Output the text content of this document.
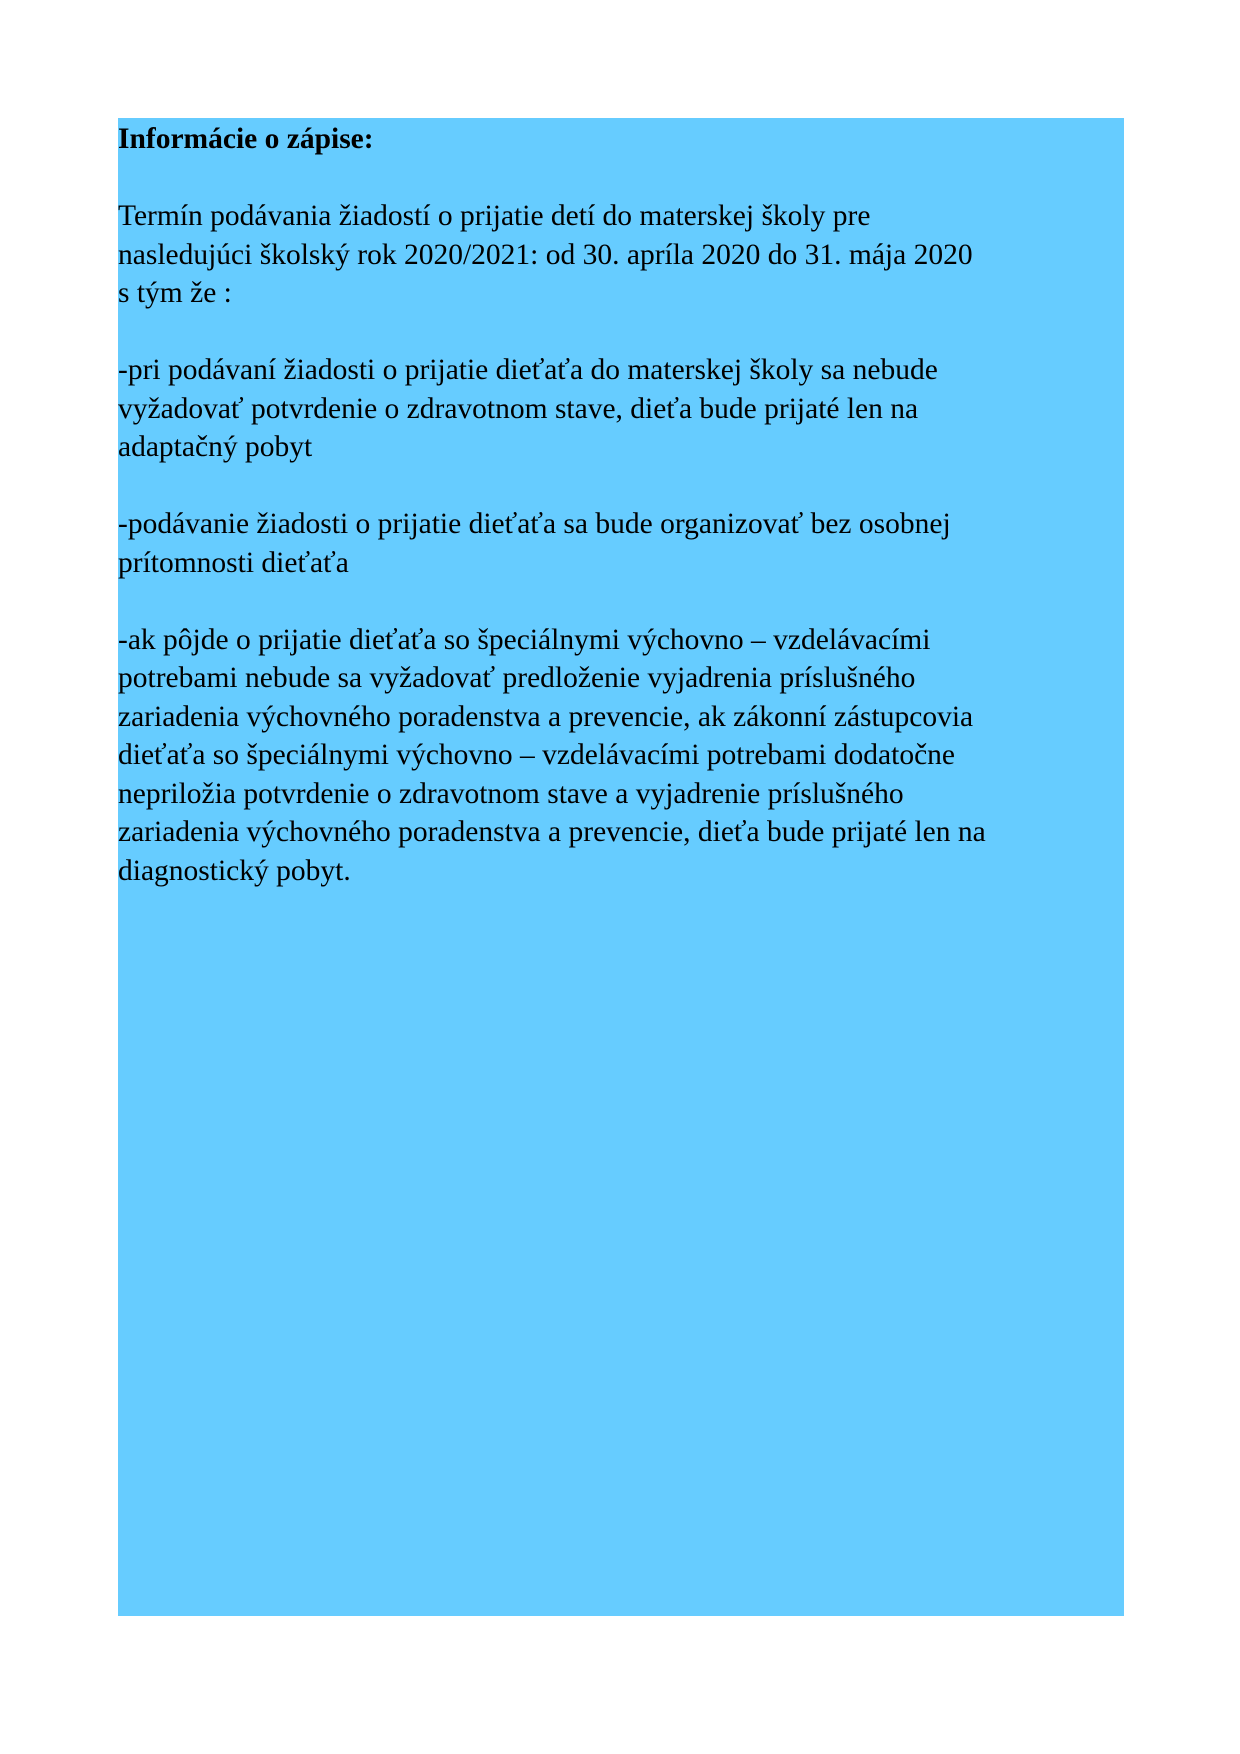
Informácie o zápise:
Termín podávania žiadostí o prijatie detí do materskej školy pre
nasledujúci školský rok 2020/2021: od 30. apríla 2020 do 31. mája 2020
s tým že :
-pri podávaní žiadosti o prijatie dieťaťa do materskej školy sa nebude
vyžadovať potvrdenie o zdravotnom stave, dieťa bude prijaté len na
adaptačný pobyt
-podávanie žiadosti o prijatie dieťaťa sa bude organizovať bez osobnej
prítomnosti dieťaťa
-ak pôjde o prijatie dieťaťa so špeciálnymi výchovno – vzdelávacími
potrebami nebude sa vyžadovať predloženie vyjadrenia príslušného
zariadenia výchovného poradenstva a prevencie, ak zákonní zástupcovia
dieťaťa so špeciálnymi výchovno – vzdelávacími potrebami dodatočne
nepriložia potvrdenie o zdravotnom stave a vyjadrenie príslušného
zariadenia výchovného poradenstva a prevencie, dieťa bude prijaté len na
diagnostický pobyt.
